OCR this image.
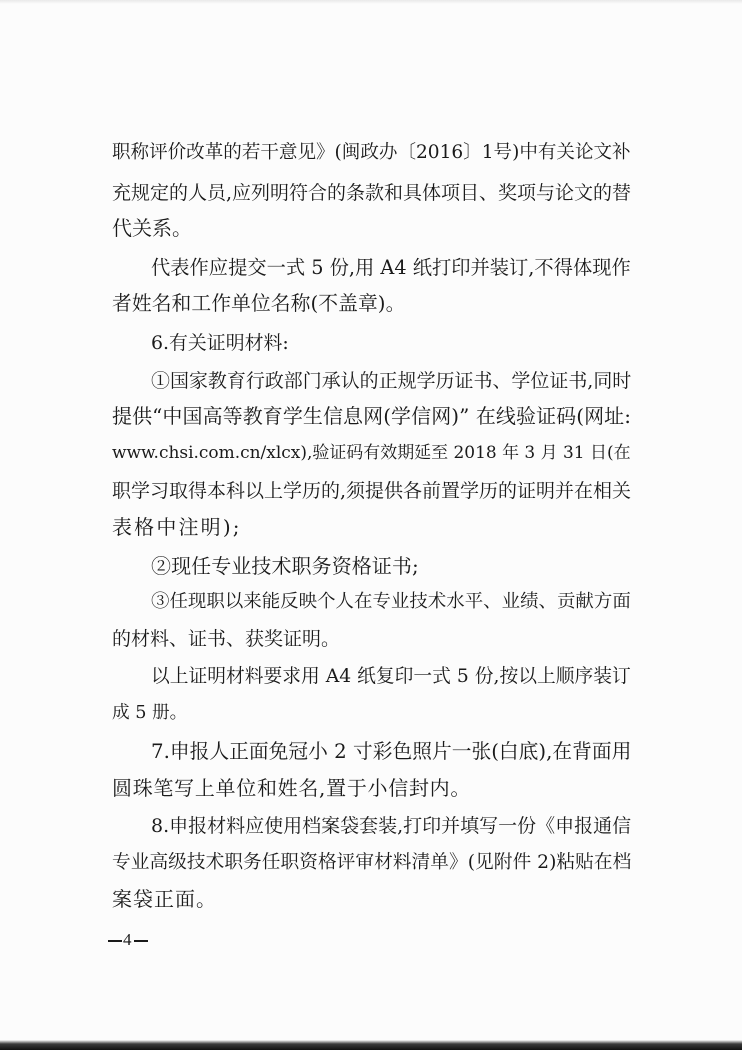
职称评价改革的若干意见》(闽政办〔2016〕1号)中有关论文补
充规定的人员,应列明符合的条款和具体项目、奖项与论文的替
代关系。
代表作应提交一式 5 份,用 A4 纸打印并装订,不得体现作
者姓名和工作单位名称(不盖章)。
6.有关证明材料:
①国家教育行政部门承认的正规学历证书、学位证书,同时
提供“中国高等教育学生信息网(学信网)” 在线验证码(网址:
www.chsi.com.cn/xlcx),验证码有效期延至 2018 年 3 月 31 日(在
职学习取得本科以上学历的,须提供各前置学历的证明并在相关
表格中注明);
②现任专业技术职务资格证书;
③任现职以来能反映个人在专业技术水平、业绩、贡献方面
的材料、证书、获奖证明。
以上证明材料要求用 A4 纸复印一式 5 份,按以上顺序装订
成 5 册。
7.申报人正面免冠小 2 寸彩色照片一张(白底),在背面用
圆珠笔写上单位和姓名,置于小信封内。
8.申报材料应使用档案袋套装,打印并填写一份《申报通信
专业高级技术职务任职资格评审材料清单》(见附件 2)粘贴在档
案袋正面。
4
